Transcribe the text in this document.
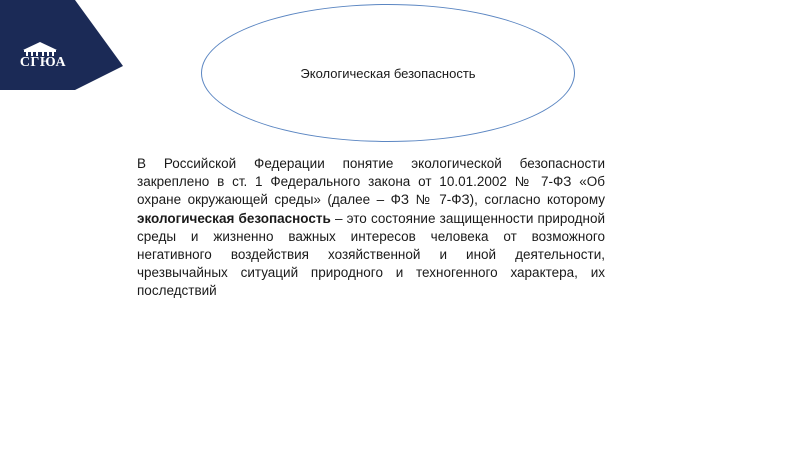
СГЮА
Экологическая безопасность
В Российской Федерации понятие экологической безопасности закреплено в ст. 1 Федерального закона от 10.01.2002 № 7-ФЗ «Об охране окружающей среды» (далее – ФЗ № 7-ФЗ), согласно которому экологическая безопасность – это состояние защищенности природной среды и жизненно важных интересов человека от возможного негативного воздействия хозяйственной и иной деятельности, чрезвычайных ситуаций природного и техногенного характера, их последствий
